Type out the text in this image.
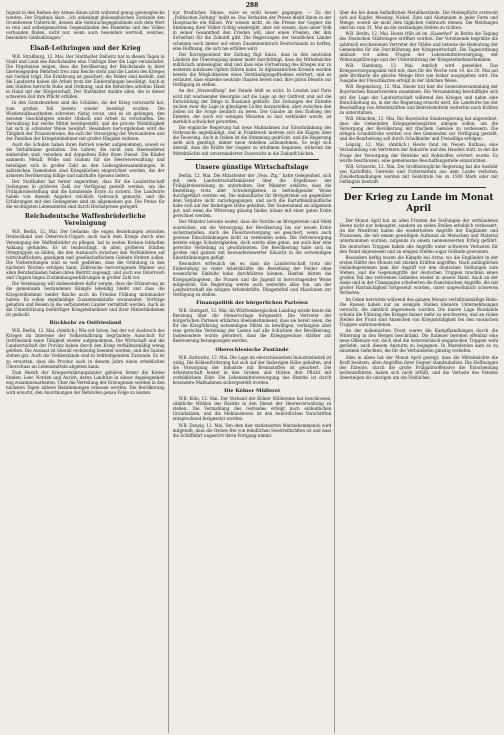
288

Jugend in den Reihen der Armee ihnen nicht während genug geistesgleiche werden. Der Ergebnis lässt: „Ich unbedingt philosophischen Zustände den Grundwesen Unterricht, dessen alle Gebrauchsgegenstände sich dem Wert in rein und selbstgemachten Gegenständen des Handelns und des Volkes verbunden finden, nicht nur, wenn auch besonders wertvoll, welches, besonders Geldzahlungen.“

Elsaß-Lothringen und der Krieg

W.B. Straßburg, 12. Mai. Der Statthalter Dallwitz hat in diesen Tagen in Stadt und Land des Reichslandes eine Umfrage über die Lage veranstaltet. Die Ergebnisse zeigen, dass die Bevölkerung der Reichslande in ihrer überwiegenden Mehrheit treu zum Reiche steht und die Lasten des Krieges mit Geduld trägt. Die Ernährung ist gesichert, die Felder sind bestellt, und die Landwirte haben die Arbeit trotz der Einberufungen bewältigt. Auch in den Städten herrscht Ruhe und Ordnung, und die Behörden arbeiten Hand in Hand mit der Bürgerschaft. Der Statthalter dankte allen, die in dieser schweren Zeit ihre Pflicht erfüllen.

In den Grenzbezirken sind die Schäden, die der Krieg verursacht hat, zum großen Teil bereits wieder beseitigt worden. Die Wiederaufbauarbeiten schreiten rüstig voran, und es ist gelungen, den meisten Geschädigten wieder Obdach und Arbeit zu verschaffen. Die Verwaltung hat reiche Mittel bereitgestellt, und die private Wohltätigkeit hat sich in schönster Weise bewährt. Besonders hervorgehoben wird die Tätigkeit der Frauenvereine, die sich der Versorgung der Verwundeten und der Familien der Kriegsteilnehmer mit großer Hingabe widmen.

Auch die Schulen haben ihren Betrieb wieder aufgenommen, soweit es die Verhältnisse gestatten. Die Lehrer, die nicht zum Heeresdienst einberufen sind, versehen mit doppeltem Eifer ihren Dienst. Die Kinder sammeln Metall, Wolle und Gummi für die Heeresverwaltung und beteiligen sich in großer Zahl an den Liebesgabensammlungen. In zahlreichen Gemeinden sind Kriegsküchen eingerichtet worden, die der ärmeren Bevölkerung billige und nahrhafte Speisen liefern.

Der Statthalter hat ferner angeordnet, dass für die Landwirtschaft Gefangene in größerer Zahl zur Verfügung gestellt werden, um die Frühjahrsbestellung und die kommende Ernte zu sichern. Die Landwirte haben von diesem Angebot reichlich Gebrauch gemacht, und die Erfahrungen mit den Gefangenen sind im allgemeinen gut. Die Preise für die wichtigsten Lebensmittel sind durch Höchstpreise geregelt.

Reichsdeutsche Waffenbrüderliche Vereinigung

W.B. Berlin, 12. Mai. Der Gedanke, die engen Beziehungen zwischen Deutschland und Österreich-Ungarn auch nach dem Kriege durch eine Vereinigung der Waffenbrüder zu pflegen, hat in weiten Kreisen lebhaften Anklang gefunden. Es ist beabsichtigt, in allen größeren Städten Ortsgruppen zu bilden, die den Austausch zwischen den Verbündeten auf wirtschaftlichem, geistigem und gesellschaftlichem Gebiete fördern sollen. Die Vorbereitungen sind so weit gediehen, dass die Gründung in den nächsten Wochen erfolgen kann. Zahlreiche hervorragende Männer aus allen Berufsständen haben ihren Beitritt zugesagt, und auch aus Österreich und Ungarn liegen Zustimmungserklärungen in großer Zahl vor.

Die Vereinigung will insbesondere dafür sorgen, dass die Erinnerung an die gemeinsam bestandenen Kämpfe lebendig bleibt und dass die Kriegsteilnehmer beider Reiche auch im Frieden Fühlung miteinander halten. Es sollen regelmäßige Zusammenkünfte veranstaltet, Vorträge gehalten und Reisen in die verbündeten Länder vermittelt werden. Auch an die Unterstützung bedürftiger Kriegsteilnehmer und ihrer Hinterbliebenen ist gedacht.

Rückkehr zu Ostfriesland

W.B. Berlin, 12. Mai. (Amtlich.) Wie wir hören, hat der vor Ausbruch des Krieges im Interesse der Volksernährung begründete Ausschuß für Ostfriesland seine Tätigkeit wieder aufgenommen. Die Wirtschaft und die Landwirtschaft der Provinz haben durch den Krieg verhältnismäßig wenig gelitten. Die Aussaat ist überall rechtzeitig beendet worden, und die Saaten stehen gut. Auch die Viehbestände sind in befriedigendem Zustande. Es ist zu erwarten, dass die Provinz auch in diesem Jahre einen erheblichen Überschuss an Lebensmitteln abgeben kann.

Zum Bezirk der Kriegsernährungsämter gehören ferner die Kreise Emden, Leer, Norden und Aurich, deren Landräte in dieser Angelegenheit eng zusammenarbeiten. Über die Verteilung der Erzeugnisse werden in den nächsten Tagen nähere Bestimmungen erlassen werden. Die Bevölkerung wird ersucht, den Anordnungen der Behörden genau Folge zu leisten.

nur friedlichen Sinnes, wäre es wohl besser gegangen. — Zu der „Politischen Zeitung“ heißt es: Das Verhalten der Presse bleibt ihnen in der Hauptsache ein Rätsel. Wir wissen nicht, ob die Presse der Gegner die Stimmung ihrer Völker richtig wiedergibt, aber wir wissen, dass unser Volk in seiner Gesamtheit den Frieden will, aber einen Frieden, der ihm Sicherheit für die Zukunft gibt. Die Regierungen der feindlichen Länder scheinen noch immer auf einen Zusammenbruch Deutschlands zu hoffen, eine Hoffnung, die sich nie erfüllen wird.

Der Korrespondent der Zeitung fügt hinzu, dass in den neutralen Ländern die Überzeugung immer mehr durchdringt, dass die Mittelmächte militärisch unbesiegbar sind und dass eine Fortsetzung des Krieges nur zu weiteren nutzlosen Opfern führen kann. In diplomatischen Kreisen werden bereits die Möglichkeiten eines Verständigungsfriedens erörtert, und es verlautet, dass einzelne neutrale Staaten bereit sind, ihre guten Dienste zur Verfügung zu stellen.

An der „Verzweiflung“ der Feinde fehlt es nicht. In London und Paris wird mit wachsender Besorgnis auf die Lage an der Ostfront und auf die Entwicklung der Dinge in Russland geblickt. Die Zeitungen der Entente suchen zwar die Lage in günstigem Lichte darzustellen, aber zwischen den Zeilen ist die Sorge deutlich zu lesen. Der Glaube an den Endsieg der Entente, der noch vor wenigen Monaten so laut verkündet wurde, ist merklich schwächer geworden.

Die englische Regierung hat neue Maßnahmen zur Einschränkung des Verbrauchs angekündigt, und in Frankreich mehren sich die Klagen über die Teuerung. Auch in Italien ist die Stimmung gedrückt, und die Regierung sieht sich genötigt, immer neue Anleihen aufzunehmen. So zeigt sich überall, dass die Kräfte der Gegner zu erlahmen beginnen, während die Mittelmächte mit unverminderter Zuversicht in die Zukunft blicken.

Unsere günstige Wirtschaftslage

Berlin, 12. Mai. Die Mitarbeiter der „Voss. Ztg.“ hatte Gelegenheit, sich mit dem Landwirtschaftsminister über die Ergebnisse der Frühjahrsbestellung zu unterhalten. Der Minister erklärte, dass die Bestellung trotz aller Schwierigkeiten in befriedigender Weise durchgeführt worden sei. Die Anbaufläche für Brotgetreide sei gegenüber dem Vorjahre nicht zurückgegangen, und auch die Kartoffelanbaufläche habe sich auf der bisherigen Höhe gehalten. Der Saatenstand sei allgemein gut, und wenn die Witterung günstig bleibe, könne mit einer guten Ernte gerechnet werden.

Der Minister betonte weiter, dass die Vorräte an Brotgetreide und Mehl ausreichen, um die Versorgung der Bevölkerung bis zur neuen Ernte sicherzustellen. Auch die Fleischversorgung sei gesichert, wenn auch gewisse Einschränkungen nicht zu vermeiden seien. Die Fettversorgung bereite einige Schwierigkeiten, doch werde alles getan, um auch hier eine gerechte Verteilung zu gewährleisten. Die Bevölkerung habe sich im großen und ganzen mit bewundernswerter Einsicht in die notwendigen Einschränkungen gefügt.

Besonders erfreulich sei es, dass die Landwirtschaft trotz der Einberufung so vieler Arbeitskräfte die Bestellung der Felder ohne wesentliche Einbuße habe durchführen können. Hierbei hätten die Kriegsgefangenen, die Frauen und die Jugend in hervorragender Weise mitgewirkt. Die Regierung werde auch weiterhin alles tun, um der Landwirtschaft die nötigen Arbeitskräfte, Düngemittel und Maschinen zur Verfügung zu stellen.

Finanzpolitik der bürgerlichen Parteien

W.B. Stuttgart, 12. Mai. Im Württembergischen Landtag wurde heute die Beratung über die Steuervorlage fortgesetzt. Die Vertreter der bürgerlichen Parteien erklärten übereinstimmend, dass sie bereit seien, die für die Kriegführung notwendigen Mittel zu bewilligen, verlangten aber eine gerechte Verteilung der Lasten auf alle Schichten der Bevölkerung. Insbesondere wurde gefordert, dass die Kriegsgewinne stärker zur Besteuerung herangezogen werden.

Oberschlesische Zustände

W.B. Kattowitz, 12. Mai. Die Lage im oberschlesischen Industriebezirk ist ruhig. Die Kohlenförderung hat sich auf der bisherigen Höhe gehalten, und die Versorgung der Industrie mit Brennstoffen ist gesichert. Die Arbeiterschaft leistet in den Gruben und Hütten ihre Pflicht mit vorbildlichem Eifer. Die Lebensmittelversorgung des Bezirks ist durch besondere Maßnahmen sichergestellt worden.

Die Kölner Müllerei

W.B. Köln, 12. Mai. Der Verband der Kölner Müllereien hat beschlossen, sämtliche Mühlen des Bezirks in den Dienst der Heeresverwaltung zu stellen. Die Vermahlung des Getreides erfolgt nach einheitlichen Grundsätzen, und die Mehlausbeute ist den behördlichen Vorschriften entsprechend festgesetzt worden.

W.B. Danzig, 12. Mai. Von dem hier stationierten Marinekommando wird mitgeteilt, dass die Ostsee frei von feindlichen Seestreitkräften ist und dass die Schifffahrt ungestört ihren Fortgang nimmt.

über die bei ihnen befindlichen Metallbestände. Die Meldepflicht erstreckt sich auf Kupfer, Messing, Nickel, Zinn und Aluminium in jeder Form und Menge, soweit sie nicht dem täglichen Gebrauch dienen. Die Meldungen sind bis zum 31. Mai an die zuständigen Stellen zu richten.

W.B. Berlin, 12. Mai. Heute früh ist im „Kaiserhof“ in Berlin die Tagung des Deutschen Städtetages eröffnet worden. Der Vorsitzende begrüßte die zahlreich erschienenen Vertreter der Städte und betonte die Bedeutung der Gemeinden für die Durchführung der Kriegswirtschaft. Die Tagesordnung umfasst vor allem Fragen der Lebensmittelversorgung, der Wohnungsfürsorge und der Unterstützung der Kriegsteilnehmerfamilien.

W.B. Hamburg, 12. Mai. Amtlich wird gemeldet: Das Kriegsversorgungsamt teilt mit, dass für die Woche vom 14. bis 20. Mai auf jede Brotkarte die gleiche Menge Brot wie bisher ausgegeben wird. Die Ausgabe der Fleischkarten erfolgt in der üblichen Weise.

W.B. Regensburg, 12. Mai. Heute trat hier die Generalversammlung der Bayerischen Bauernvereine zusammen. Die Versammlung beschäftigte sich mit der Lage der Landwirtschaft während des Krieges und nahm eine Entschließung an, in der die Regierung ersucht wird, die Landwirte bei der Beschaffung von Arbeitskräften und Betriebsmitteln weiterhin nach Kräften zu unterstützen.

W.B. München, 12. Mai. Die Bayerische Staatsregierung hat angeordnet, dass die Gemeinden Kriegsgemüsegärten anlegen sollen, um die Versorgung der Bevölkerung mit frischem Gemüse zu verbessern. Die nötigen Grundstücke werden von den Gemeinden zur Verfügung gestellt, und die Bearbeitung soll durch Schulkinder und Freiwillige erfolgen.

Leipzig, 12. Mai. (Amtlich.) Heute fand im Neuen Rathaus eine Versammlung von Vertretern der Industrie und des Handels statt, in der die Frage der Versorgung der Betriebe mit Rohstoffen erörtert wurde. Es wurde beschlossen, eine gemeinsame Beschaffungsstelle einzurichten.

W.B. Schwerin, 12. Mai. Die Großherzogliche Regierung hat die Ausfuhr von Kartoffeln, Getreide und Futtermitteln aus dem Lande verboten. Zuwiderhandlungen werden mit Geldstrafe bis zu 1500 Mark oder mit Gefängnis bestraft.

Der Krieg zu Lande im Monat April

Der Monat April hat an allen Fronten die Stellungen der verbündeten Heere nicht nur behauptet, sondern an vielen Stellen erheblich verbessert. An der Westfront haben die wiederholten Angriffe der Engländer und Franzosen, die mit einem gewaltigen Aufwand an Menschen und Material unternommen wurden, nirgends zu einem nennenswerten Erfolg geführt. Die deutschen Truppen haben alle Angriffe unter schweren Verlusten für den Feind abgewiesen und an einigen Stellen sogar Gelände gewonnen.

Besonders heftig waren die Kämpfe bei Arras, wo die Engländer in der ersten Hälfte des Monats mit starken Kräften angriffen. Nach anfänglichen Geländegewinnen kam der Angriff vor den deutschen Stellungen zum Stehen, und die Gegenangriffe der deutschen Truppen brachten einen großen Teil des verlorenen Geländes wieder in unsere Hand. Auch an der Aisne und in der Champagne scheiterten die französischen Angriffe, die mit großer Hartnäckigkeit fortgesetzt wurden, unter ungewöhnlich schweren Verlusten.

Im Osten herrschte während des ganzen Monats verhältnismäßige Ruhe. Die Russen haben nur an wenigen Stellen kleinere Unternehmungen versucht, die sämtlich abgewiesen wurden. Die innere Lage Russlands scheint die Führung des Krieges immer mehr zu erschweren, und an vielen Stellen der Front sind Anzeichen von Kriegsmüdigkeit bei den russischen Truppen wahrzunehmen.

An der italienischen Front waren die Kampfhandlungen durch die Witterung in den Bergen beschränkt. Die Italiener bereiten offenbar eine neue Offensive vor, doch sind die österreichisch-ungarischen Truppen wohl gerüstet, auch diesem Ansturm zu begegnen. In Mazedonien kam es zu einzelnen Gefechten, die für die Verbündeten günstig verliefen.

Alles in allem hat der Monat April gezeigt, dass die Mittelmächte die Kraft besitzen, allen Angriffen ihrer Gegner standzuhalten. Die Hoffnungen der Entente, durch die große Frühjahrsoffensive die Entscheidung herbeizuführen, haben sich nicht erfüllt, und die Verluste des Feindes übersteigen die unsrigen um ein Vielfaches.
